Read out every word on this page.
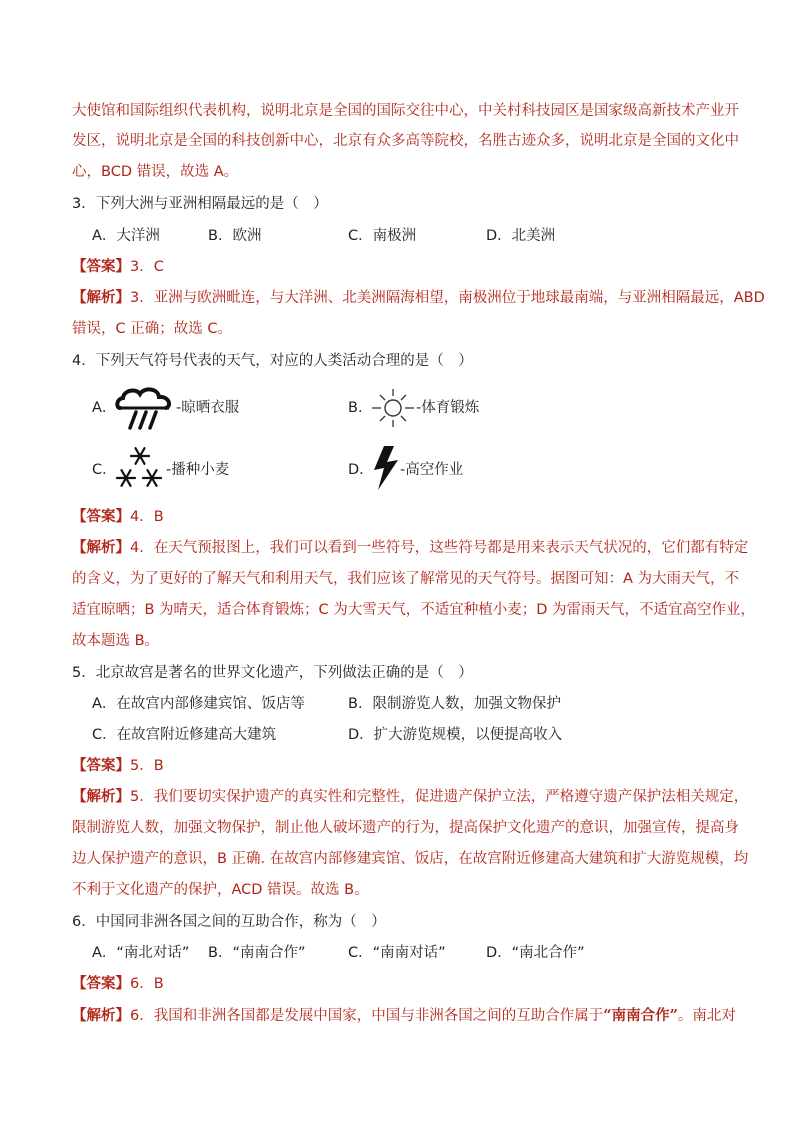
大使馆和国际组织代表机构，说明北京是全国的国际交往中心，中关村科技园区是国家级高新技术产业开
发区，说明北京是全国的科技创新中心，北京有众多高等院校，名胜古迹众多，说明北京是全国的文化中
心，BCD 错误，故选 A。
3．下列大洲与亚洲相隔最远的是（　）
A．大洋洲	B．欧洲	C．南极洲	D．北美洲
【答案】3．C
【解析】3．亚洲与欧洲毗连，与大洋洲、北美洲隔海相望，南极洲位于地球最南端，与亚洲相隔最远，ABD
错误，C 正确；故选 C。
4．下列天气符号代表的天气，对应的人类活动合理的是（　）
A．	-晾晒衣服	B．	-体育锻炼
C．	-播种小麦	D． -高空作业
【答案】4．B
【解析】4．在天气预报图上，我们可以看到一些符号，这些符号都是用来表示天气状况的，它们都有特定
的含义，为了更好的了解天气和利用天气，我们应该了解常见的天气符号。据图可知：A 为大雨天气，不
适宜晾晒；B 为晴天，适合体育锻炼；C 为大雪天气，不适宜种植小麦；D 为雷雨天气，不适宜高空作业，
故本题选 B。
5．北京故宫是著名的世界文化遗产，下列做法正确的是（　）
A．在故宫内部修建宾馆、饭店等	B．限制游览人数，加强文物保护
C．在故宫附近修建高大建筑	D．扩大游览规模，以便提高收入
【答案】5．B
【解析】5．我们要切实保护遗产的真实性和完整性，促进遗产保护立法，严格遵守遗产保护法相关规定，
限制游览人数，加强文物保护，制止他人破坏遗产的行为，提高保护文化遗产的意识，加强宣传，提高身
边人保护遗产的意识，B 正确. 在故宫内部修建宾馆、饭店，在故宫附近修建高大建筑和扩大游览规模，均
不利于文化遗产的保护，ACD 错误。故选 B。
6．中国同非洲各国之间的互助合作，称为（　）
A．“南北对话” B．“南南合作”	C．“南南对话”	D．“南北合作”
【答案】6．B
【解析】6．我国和非洲各国都是发展中国家，中国与非洲各国之间的互助合作属于“南南合作”。南北对
